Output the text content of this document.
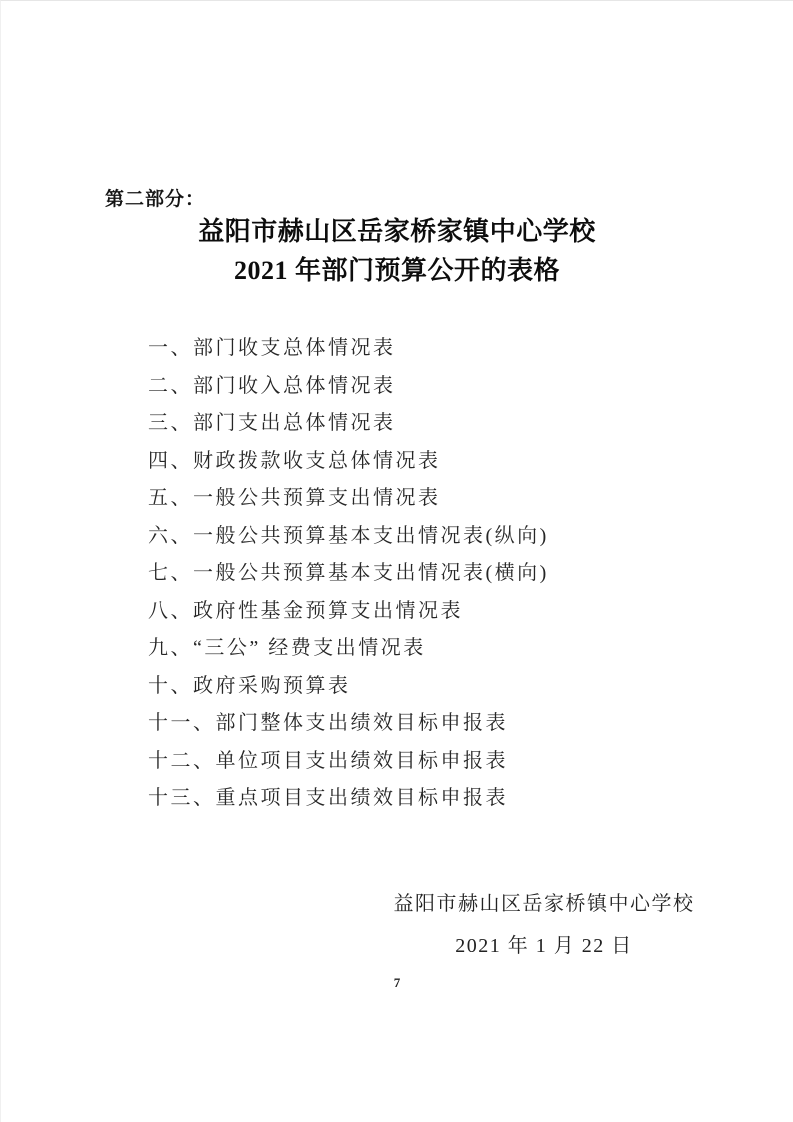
第二部分：
益阳市赫山区岳家桥家镇中心学校
2021 年部门预算公开的表格
一、部门收支总体情况表
二、部门收入总体情况表
三、部门支出总体情况表
四、财政拨款收支总体情况表
五、一般公共预算支出情况表
六、一般公共预算基本支出情况表(纵向)
七、一般公共预算基本支出情况表(横向)
八、政府性基金预算支出情况表
九、“三公” 经费支出情况表
十、政府采购预算表
十一、部门整体支出绩效目标申报表
十二、单位项目支出绩效目标申报表
十三、重点项目支出绩效目标申报表
益阳市赫山区岳家桥镇中心学校
2021 年 1 月 22 日
7
